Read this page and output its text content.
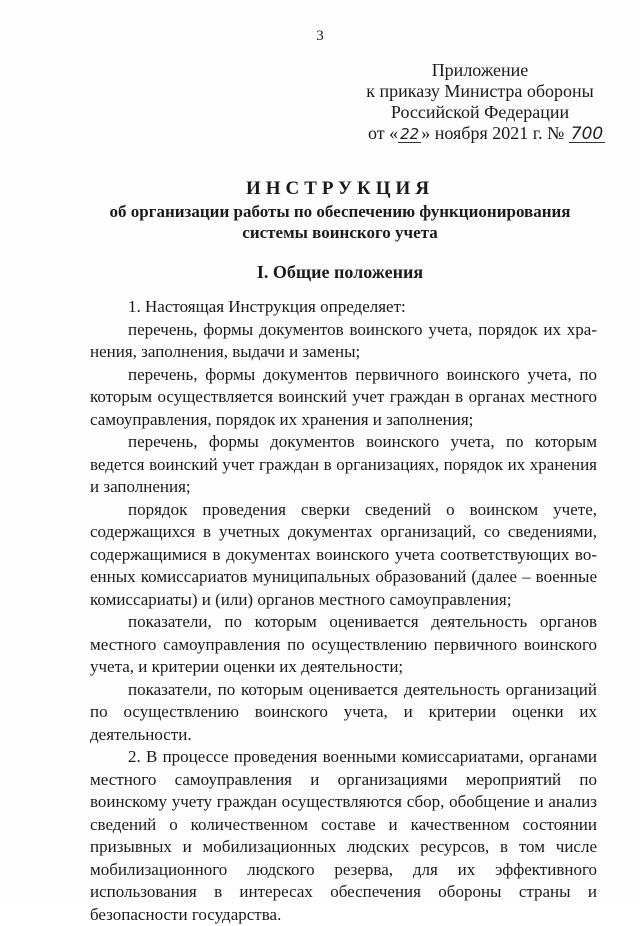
3
Приложение
к приказу Министра обороны
Российской Федерации
от « 22 » ноября 2021 г. № 700
ИНСТРУКЦИЯ
об организации работы по обеспечению функционирования
системы воинского учета
I. Общие положения

1. Настоящая Инструкция определяет:

перечень, формы документов воинского учета, порядок их хранения, заполнения, выдачи и замены;

перечень, формы документов первичного воинского учета, по которым осуществляется воинский учет граждан в органах местного самоуправления, порядок их хранения и заполнения;

перечень, формы документов воинского учета, по которым ведется воинский учет граждан в организациях, порядок их хранения и заполнения;

порядок проведения сверки сведений о воинском учете, содержащихся в учетных документах организаций, со сведениями, содержащимися в документах воинского учета соответствующих военных комиссариатов муниципальных образований (далее – военные комиссариаты) и (или) органов местного самоуправления;

показатели, по которым оценивается деятельность органов местного самоуправления по осуществлению первичного воинского учета, и критерии оценки их деятельности;

показатели, по которым оценивается деятельность организаций по осуществлению воинского учета, и критерии оценки их деятельности.

2. В процессе проведения военными комиссариатами, органами местного самоуправления и организациями мероприятий по воинскому учету граждан осуществляются сбор, обобщение и анализ сведений о количественном составе и качественном состоянии призывных и мобилизационных людских ресурсов, в том числе мобилизационного людского резерва, для их эффективного использования в интересах обеспечения обороны страны и безопасности государства.
